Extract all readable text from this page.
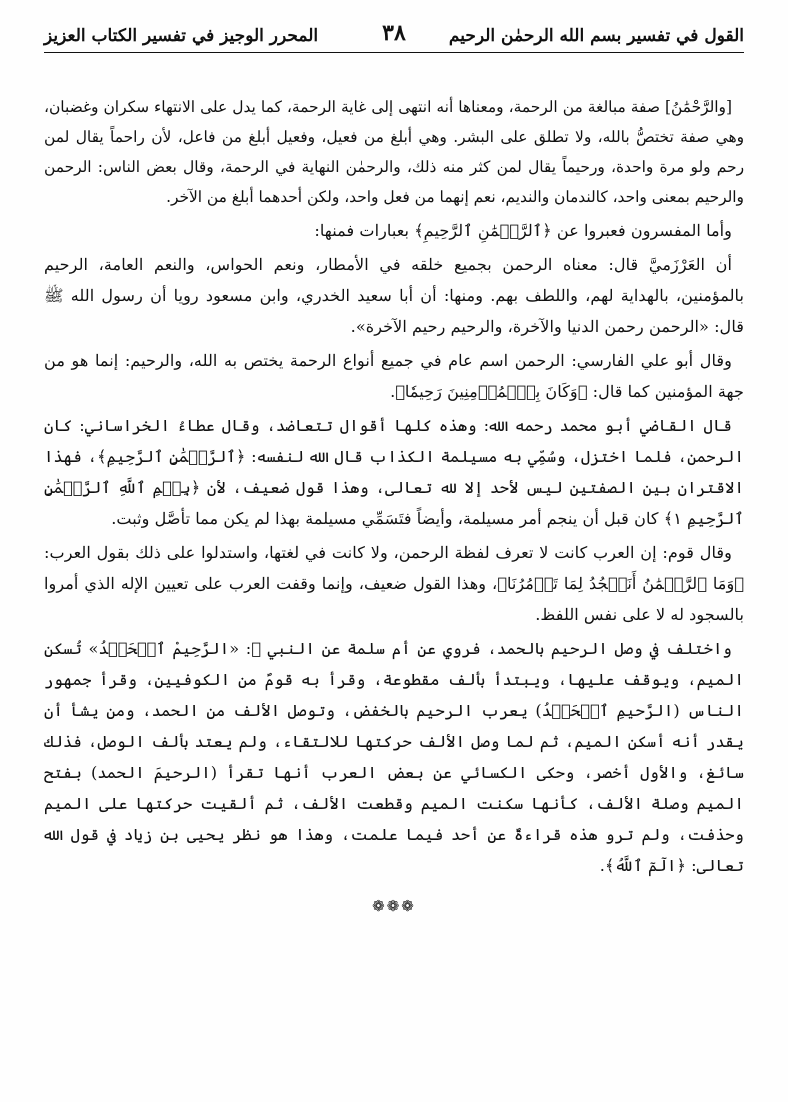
القول في تفسير بسم الله الرحمٰن الرحيم
٣٨
المحرر الوجيز في تفسير الكتاب العزيز

[والرَّحْمَٰنُ] صفة مبالغة من الرحمة، ومعناها أنه انتهى إلى غاية الرحمة، كما يدل على الانتهاء سكران وغضبان، وهي صفة تختصُّ بالله، ولا تطلق على البشر. وهي أبلغ من فعيل، وفعيل أبلغ من فاعل، لأن راحماً يقال لمن رحم ولو مرة واحدة، ورحيماً يقال لمن كثر منه ذلك، والرحمٰن النهاية في الرحمة، وقال بعض الناس: الرحمن والرحيم بمعنى واحد، كالندمان والنديم، نعم إنهما من فعل واحد، ولكن أحدهما أبلغ من الآخر.

وأما المفسرون فعبروا عن ﴿ٱلرَّحۡمَٰنِ ٱلرَّحِيمِ﴾ بعبارات فمنها:

أن العَرْزَميَّ قال: معناه الرحمن بجميع خلقه في الأمطار، ونعم الحواس، والنعم العامة، الرحيم بالمؤمنين، بالهداية لهم، واللطف بهم. ومنها: أن أبا سعيد الخدري، وابن مسعود رويا أن رسول الله ﷺ قال: «الرحمن رحمن الدنيا والآخرة، والرحيم رحيم الآخرة».

وقال أبو علي الفارسي: الرحمن اسم عام في جميع أنواع الرحمة يختص به الله، والرحيم: إنما هو من جهة المؤمنين كما قال: ﴿وَكَانَ بِٱلۡمُؤۡمِنِينَ رَحِيمٗا﴾.

قال القاضي أبو محمد رحمه الله: وهذه كلها أقوال تتعاضد، وقال عطاءُ الخراساني: كان الرحمن، فلما اختزل، وسُمِّي به مسيلمة الكذاب قال الله لنفسه: ﴿ٱلرَّحۡمَٰنِ ٱلرَّحِيمِ﴾، فهذا الاقتران بين الصفتين ليس لأحد إلا لله تعالى، وهذا قول ضعيف، لأن ﴿بِسۡمِ ٱللَّهِ ٱلرَّحۡمَٰنِ ٱلرَّحِيمِ ١﴾ كان قبل أن ينجم أمر مسيلمة، وأيضاً فتَسَمِّي مسيلمة بهذا لم يكن مما تأصَّل وثبت.

وقال قوم: إن العرب كانت لا تعرف لفظة الرحمن، ولا كانت في لغتها، واستدلوا على ذلك بقول العرب: ﴿وَمَا ٱلرَّحۡمَٰنُ أَنَسۡجُدُ لِمَا تَأۡمُرُنَا﴾، وهذا القول ضعيف، وإنما وقفت العرب على تعيين الإله الذي أمروا بالسجود له لا على نفس اللفظ.

واختلف في وصل الرحيم بالحمد، فروي عن أم سلمة عن النبي ﷺ: «الرَّحِيمْ ٱلۡحَمۡدُ» تُسكن الميم، ويوقف عليها، ويبتدأ بألف مقطوعة، وقرأ به قومٌ من الكوفيين، وقرأ جمهور الناس (الرَّحيمِ ٱلۡحَمۡدُ) يعرب الرحيم بالخفض، وتوصل الألف من الحمد، ومن يشأ أن يقدر أنه أسكن الميم، ثم لما وصل الألف حركتها للالتقاء، ولم يعتد بألف الوصل، فذلك سائغ، والأول أخصر، وحكى الكسائي عن بعض العرب أنها تقرأ (الرحيمَ الحمد) بفتح الميم وصلة الألف، كأنها سكنت الميم وقطعت الألف، ثم ألقيت حركتها على الميم وحذفت، ولم ترو هذه قراءةٌ عن أحد فيما علمت، وهذا هو نظر يحيى بن زياد في قول الله تعالى: ﴿الٓمٓ ٱللَّهُ﴾.

❁❁❁
